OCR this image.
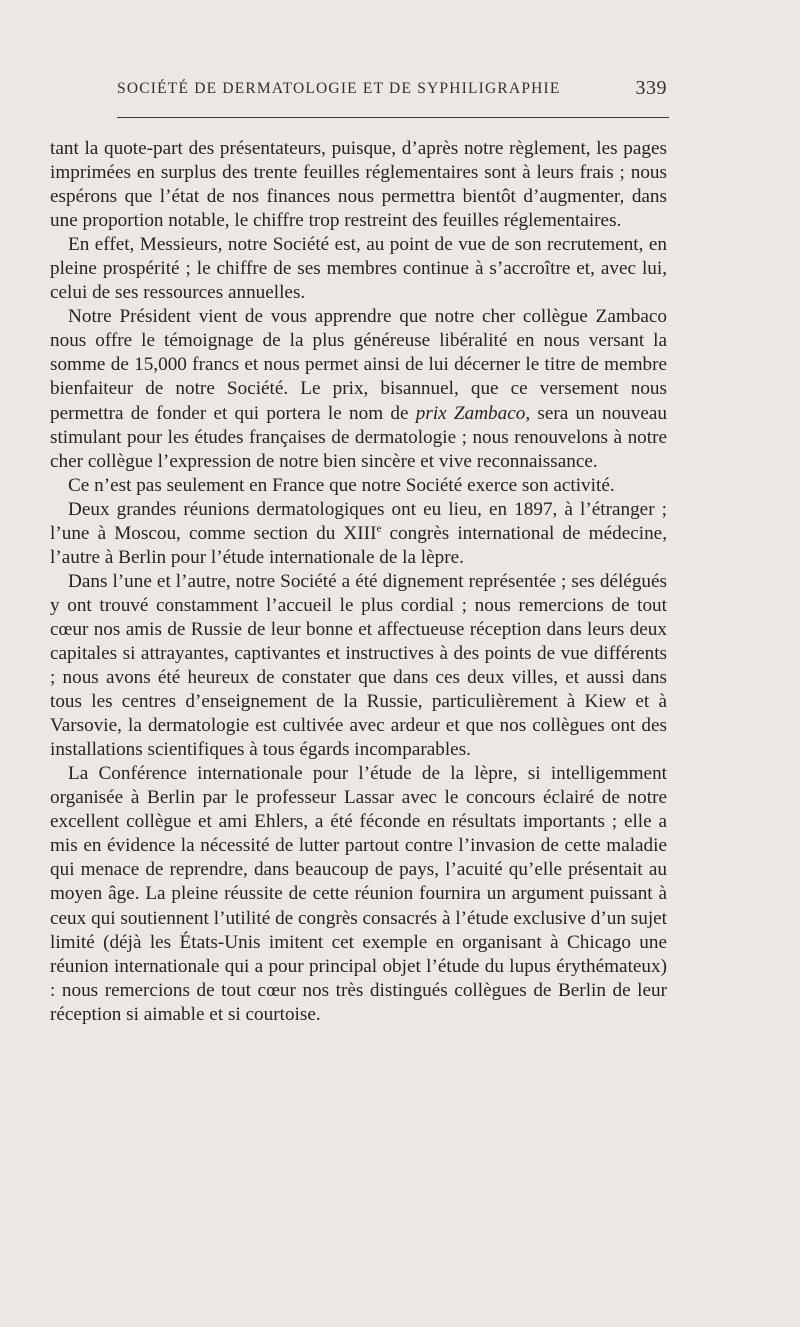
SOCIÉTÉ DE DERMATOLOGIE ET DE SYPHILIGRAPHIE	339

tant la quote-part des présentateurs, puisque, d’après notre règlement, les pages imprimées en surplus des trente feuilles réglementaires sont à leurs frais ; nous espérons que l’état de nos finances nous permettra bientôt d’augmenter, dans une proportion notable, le chiffre trop restreint des feuilles réglementaires.

En effet, Messieurs, notre Société est, au point de vue de son recrutement, en pleine prospérité ; le chiffre de ses membres continue à s’accroître et, avec lui, celui de ses ressources annuelles.

Notre Président vient de vous apprendre que notre cher collègue Zambaco nous offre le témoignage de la plus généreuse libéralité en nous versant la somme de 15,000 francs et nous permet ainsi de lui décerner le titre de membre bienfaiteur de notre Société. Le prix, bisannuel, que ce versement nous permettra de fonder et qui portera le nom de prix Zambaco, sera un nouveau stimulant pour les études françaises de dermatologie ; nous renouvelons à notre cher collègue l’expression de notre bien sincère et vive reconnaissance.

Ce n’est pas seulement en France que notre Société exerce son activité.

Deux grandes réunions dermatologiques ont eu lieu, en 1897, à l’étranger ; l’une à Moscou, comme section du XIIIe congrès international de médecine, l’autre à Berlin pour l’étude internationale de la lèpre.

Dans l’une et l’autre, notre Société a été dignement représentée ; ses délégués y ont trouvé constamment l’accueil le plus cordial ; nous remercions de tout cœur nos amis de Russie de leur bonne et affectueuse réception dans leurs deux capitales si attrayantes, captivantes et instructives à des points de vue différents ; nous avons été heureux de constater que dans ces deux villes, et aussi dans tous les centres d’enseignement de la Russie, particulièrement à Kiew et à Varsovie, la dermatologie est cultivée avec ardeur et que nos collègues ont des installations scientifiques à tous égards incomparables.

La Conférence internationale pour l’étude de la lèpre, si intelligemment organisée à Berlin par le professeur Lassar avec le concours éclairé de notre excellent collègue et ami Ehlers, a été féconde en résultats importants ; elle a mis en évidence la nécessité de lutter partout contre l’invasion de cette maladie qui menace de reprendre, dans beaucoup de pays, l’acuité qu’elle présentait au moyen âge. La pleine réussite de cette réunion fournira un argument puissant à ceux qui soutiennent l’utilité de congrès consacrés à l’étude exclusive d’un sujet limité (déjà les États-Unis imitent cet exemple en organisant à Chicago une réunion internationale qui a pour principal objet l’étude du lupus érythémateux) : nous remercions de tout cœur nos très distingués collègues de Berlin de leur réception si aimable et si courtoise.
